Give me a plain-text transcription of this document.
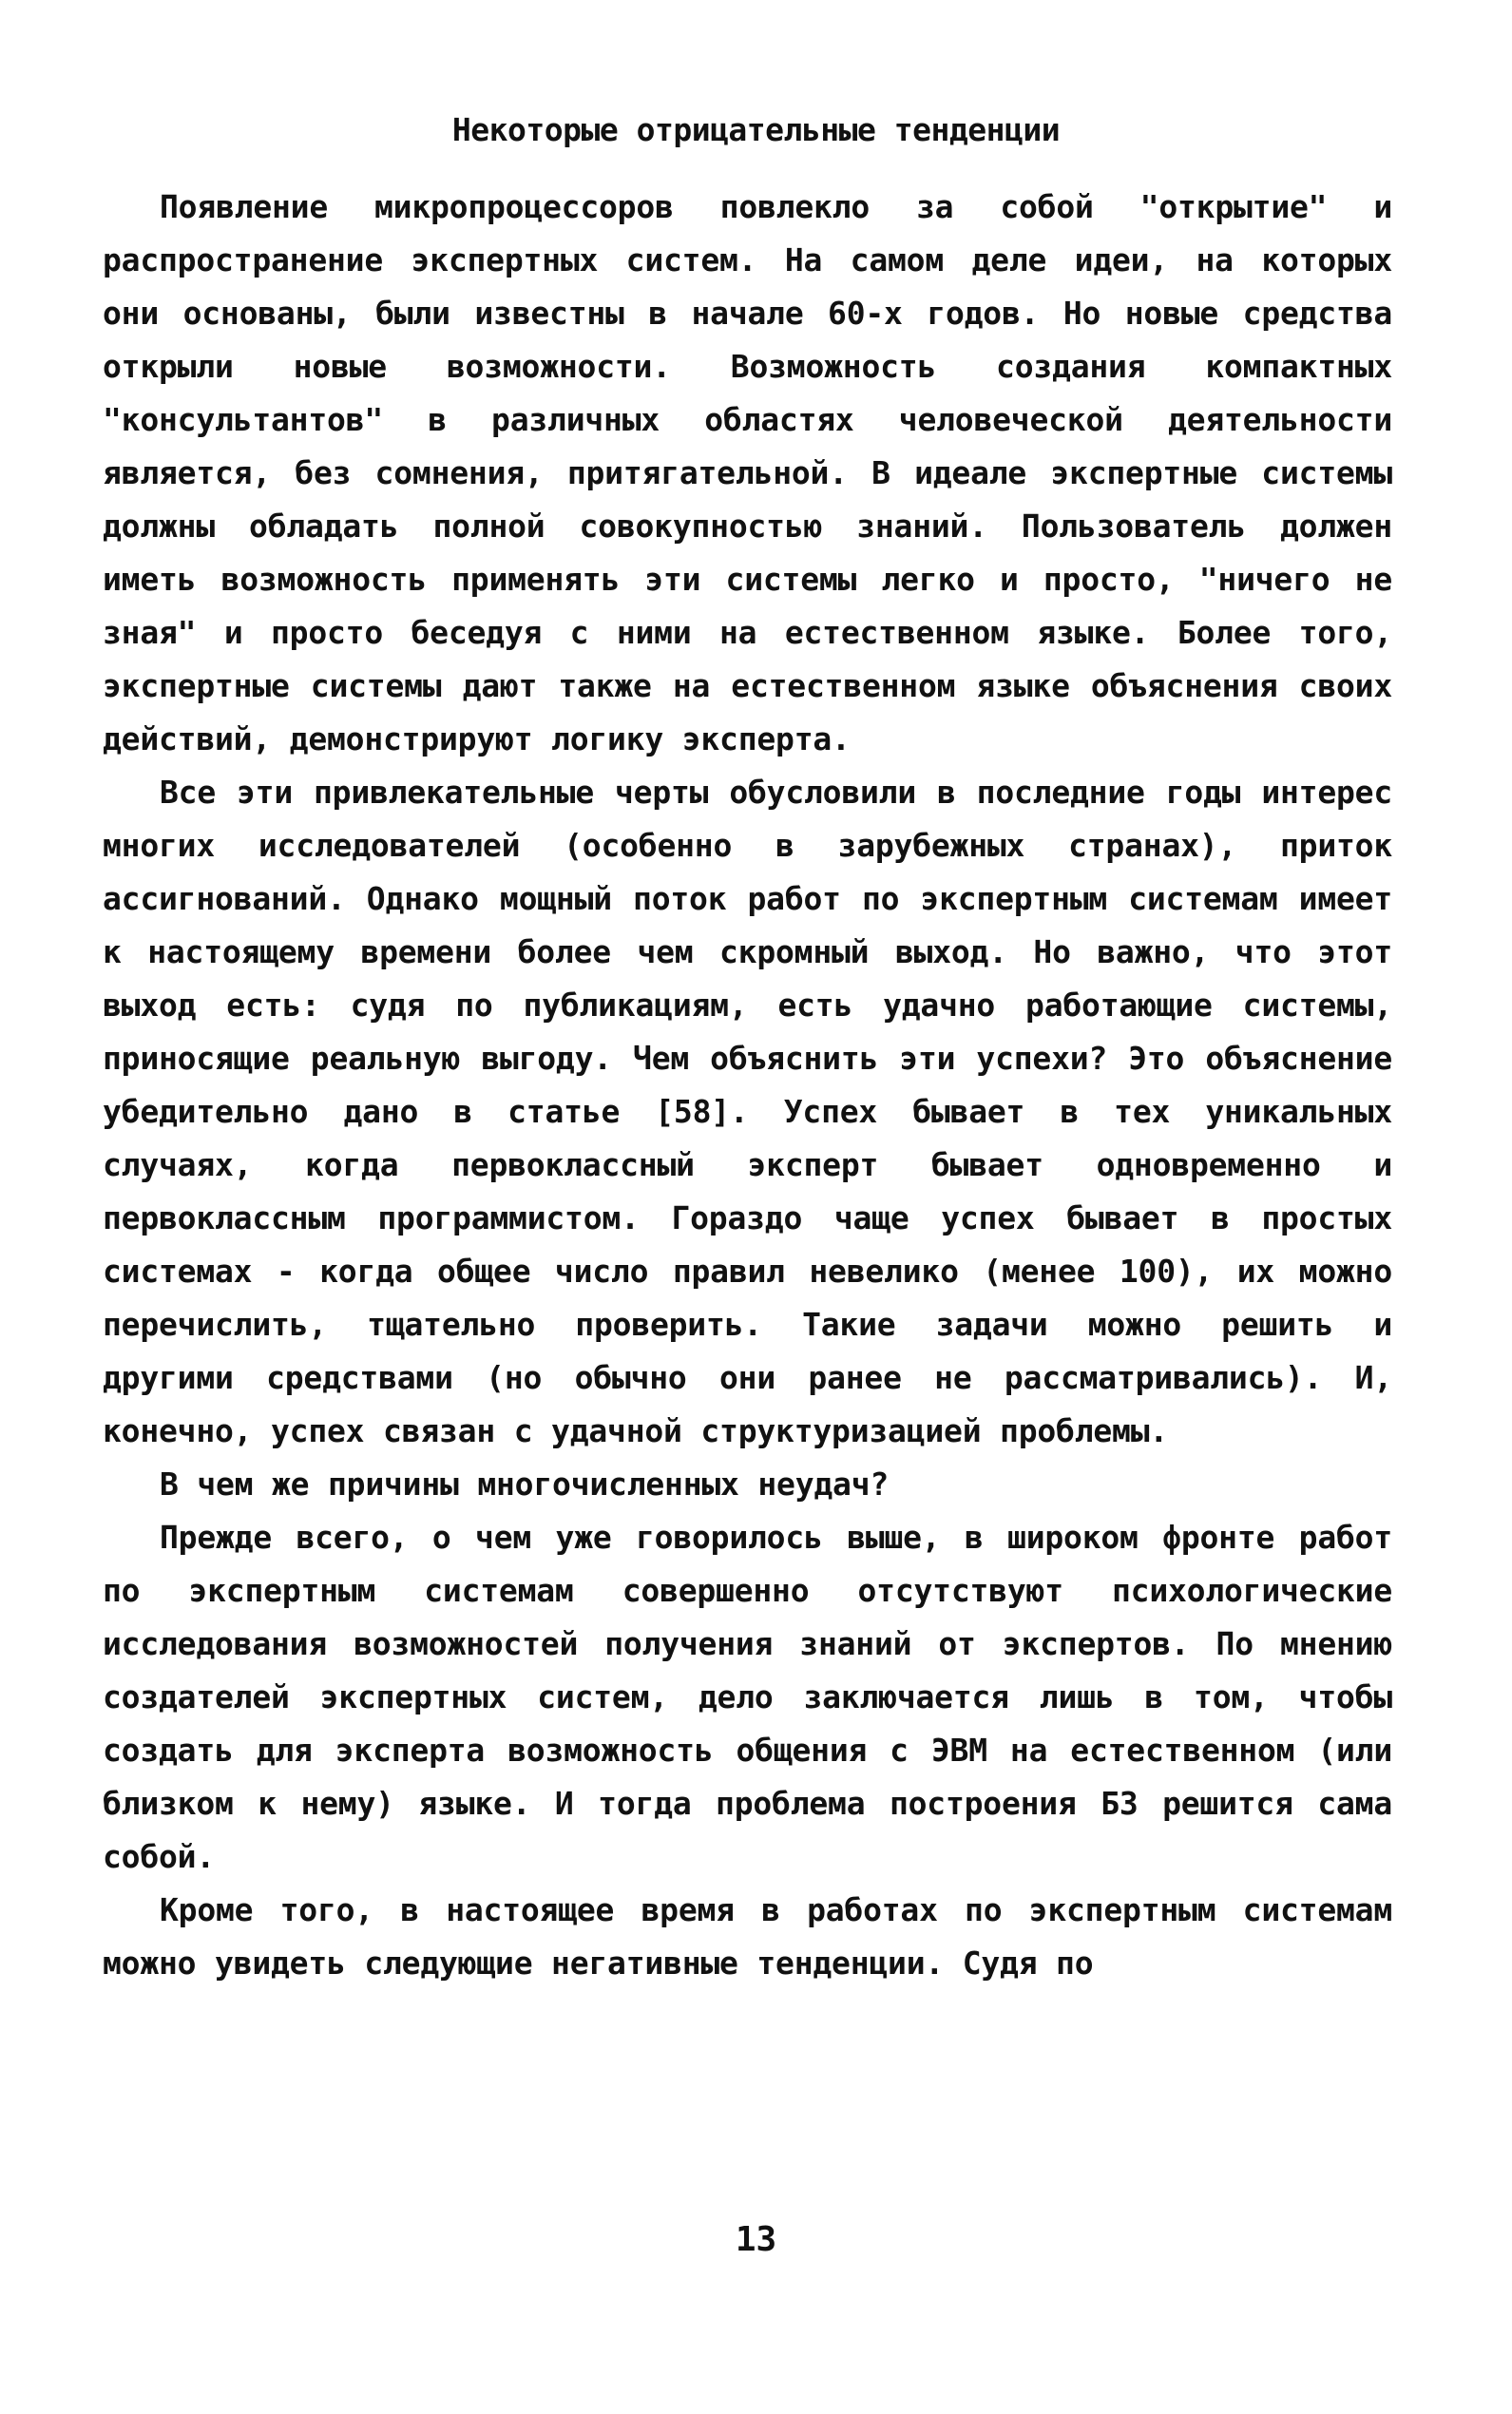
Некоторые отрицательные тенденции

Появление микропроцессоров повлекло за собой "открытие" и распространение экспертных систем. На самом деле идеи, на которых они основаны, были известны в начале 60-х годов. Но новые средства открыли новые возможности. Возможность создания компактных "консультантов" в различных областях человеческой деятельности является, без сомнения, притягательной. В идеале экспертные системы должны обладать полной совокупностью знаний. Пользователь должен иметь возможность применять эти системы легко и просто, "ничего не зная" и просто беседуя с ними на естественном языке. Более того, экспертные системы дают также на естественном языке объяснения своих действий, демонстрируют логику эксперта.

Все эти привлекательные черты обусловили в последние годы интерес многих исследователей (особенно в зарубежных странах), приток ассигнований. Однако мощный поток работ по экспертным системам имеет к настоящему времени более чем скромный выход. Но важно, что этот выход есть: судя по публикациям, есть удачно работающие системы, приносящие реальную выгоду. Чем объяснить эти успехи? Это объяснение убедительно дано в статье [58]. Успех бывает в тех уникальных случаях, когда первоклассный эксперт бывает одновременно и первоклассным программистом. Гораздо чаще успех бывает в простых системах - когда общее число правил невелико (менее 100), их можно перечислить, тщательно проверить. Такие задачи можно решить и другими средствами (но обычно они ранее не рассматривались). И, конечно, успех связан с удачной структуризацией проблемы.

В чем же причины многочисленных неудач?

Прежде всего, о чем уже говорилось выше, в широком фронте работ по экспертным системам совершенно отсутствуют психологические исследования возможностей получения знаний от экспертов. По мнению создателей экспертных систем, дело заключается лишь в том, чтобы создать для эксперта возможность общения с ЭВМ на естественном (или близком к нему) языке. И тогда проблема построения БЗ решится сама собой.

Кроме того, в настоящее время в работах по экспертным системам можно увидеть следующие негативные тенденции. Судя по

13
